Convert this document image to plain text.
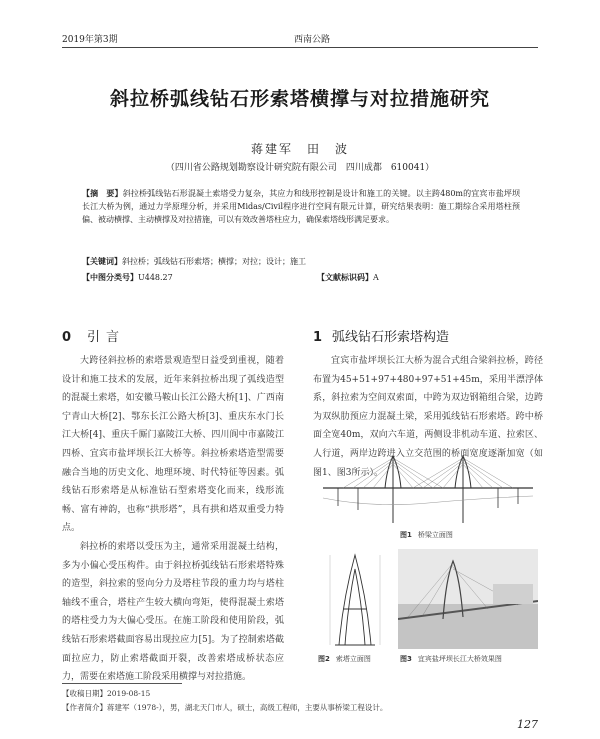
2019年第3期	西南公路
斜拉桥弧线钻石形索塔横撑与对拉措施研究
蒋建军　田　波
（四川省公路规划勘察设计研究院有限公司　四川成都　610041）
【摘　要】斜拉桥弧线钻石形混凝土索塔受力复杂，其应力和线形控制是设计和施工的关键。以主跨480m的宜宾市盐坪坝长江大桥为例，通过力学原理分析，并采用Midas/Civil程序进行空间有限元计算，研究结果表明：施工期综合采用塔柱预偏、被动横撑、主动横撑及对拉措施，可以有效改善塔柱应力，确保索塔线形满足要求。
【关键词】斜拉桥；弧线钻石形索塔；横撑；对拉；设计；施工
【中图分类号】U448.27	【文献标识码】A
0 引言	1 弧线钻石形索塔构造

大跨径斜拉桥的索塔景观造型日益受到重视，随着设计和施工技术的发展，近年来斜拉桥出现了弧线造型的混凝土索塔，如安徽马鞍山长江公路大桥[1]、广西南宁青山大桥[2]、鄂东长江公路大桥[3]、重庆东水门长江大桥[4]、重庆千厮门嘉陵江大桥、四川阆中市嘉陵江四桥、宜宾市盐坪坝长江大桥等。斜拉桥索塔造型需要融合当地的历史文化、地理环境、时代特征等因素。弧线钻石形索塔是从标准钻石型索塔变化而来，线形流畅、富有神韵，也称“拱形塔”，具有拱和塔双重受力特点。

斜拉桥的索塔以受压为主，通常采用混凝土结构，多为小偏心受压构件。由于斜拉桥弧线钻石形索塔特殊的造型，斜拉索的竖向分力及塔柱节段的重力均与塔柱轴线不重合，塔柱产生较大横向弯矩，使得混凝土索塔的塔柱受力为大偏心受压。在施工阶段和使用阶段，弧线钻石形索塔截面容易出现拉应力[5]。为了控制索塔截面拉应力，防止索塔截面开裂，改善索塔成桥状态应力，需要在索塔施工阶段采用横撑与对拉措施。

宜宾市盐坪坝长江大桥为混合式组合梁斜拉桥，跨径布置为45+51+97+480+97+51+45m，采用半漂浮体系，斜拉索为空间双索面，中跨为双边钢箱组合梁，边跨为双纵肋预应力混凝土梁，采用弧线钻石形索塔。跨中桥面全宽40m，双向六车道，两侧设非机动车道、拉索区、人行道，两岸边跨进入立交范围的桥面宽度逐渐加宽（如图1、图3所示）。

图1 桥梁立面图
图2 索塔立面图	图3 宜宾盐坪坝长江大桥效果图
【收稿日期】2019-08-15
【作者简介】蒋建军（1978-），男，湖北天门市人，硕士，高级工程师，主要从事桥梁工程设计。
127
